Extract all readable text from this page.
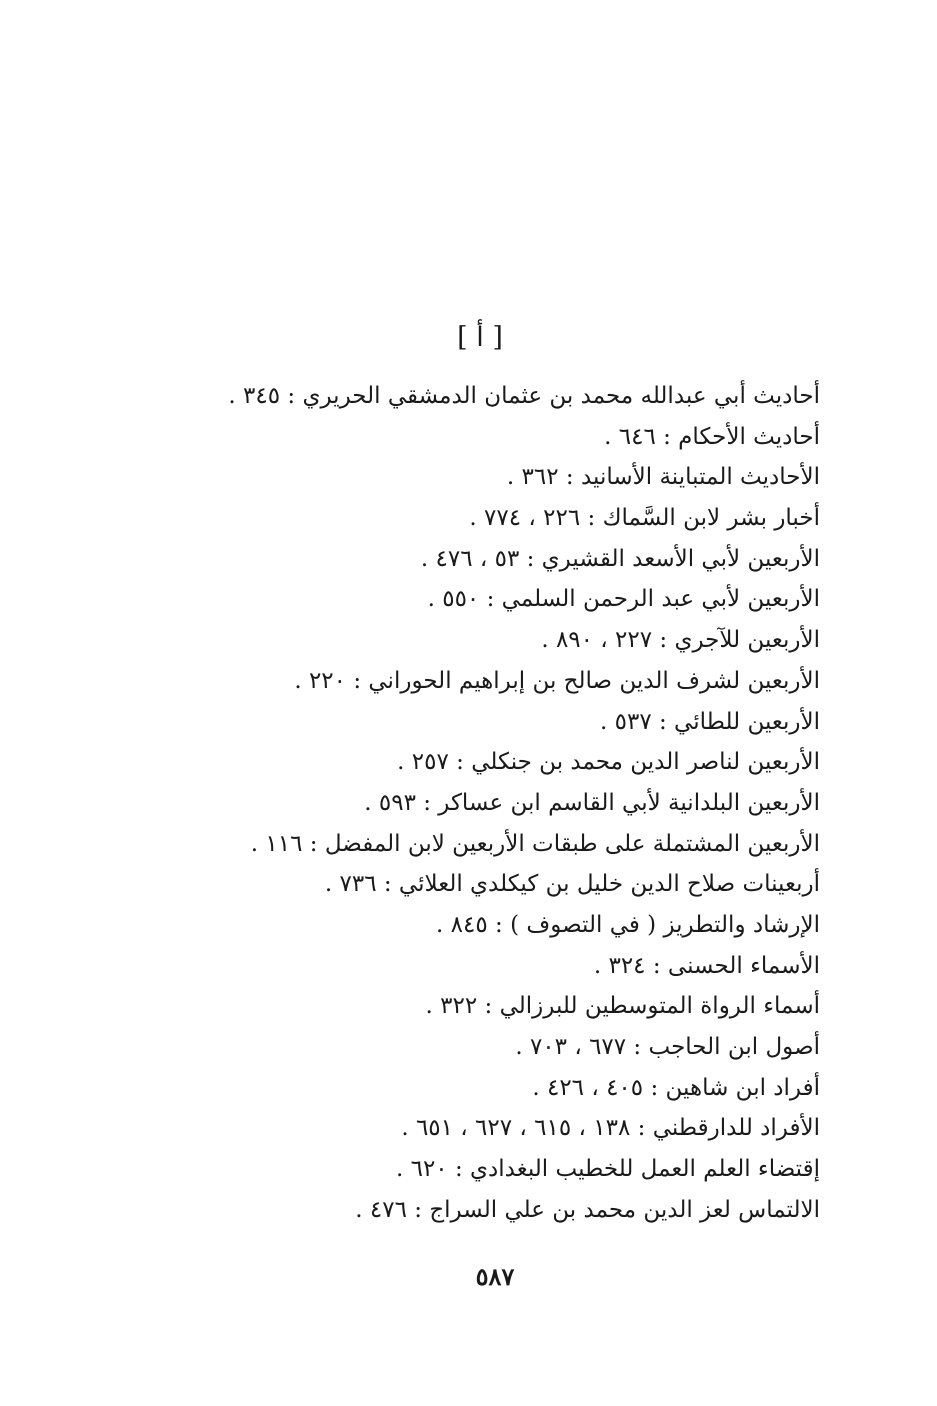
[ أ ]
أحاديث أبي عبدالله محمد بن عثمان الدمشقي الحريري : ٣٤٥ .
أحاديث الأحكام : ٦٤٦ .
الأحاديث المتباينة الأسانيد : ٣٦٢ .
أخبار بشر لابن السَّماك : ٢٢٦ ، ٧٧٤ .
الأربعين لأبي الأسعد القشيري : ٥٣ ، ٤٧٦ .
الأربعين لأبي عبد الرحمن السلمي : ٥٥٠ .
الأربعين للآجري : ٢٢٧ ، ٨٩٠ .
الأربعين لشرف الدين صالح بن إبراهيم الحوراني : ٢٢٠ .
الأربعين للطائي : ٥٣٧ .
الأربعين لناصر الدين محمد بن جنكلي : ٢٥٧ .
الأربعين البلدانية لأبي القاسم ابن عساكر : ٥٩٣ .
الأربعين المشتملة على طبقات الأربعين لابن المفضل : ١١٦ .
أربعينات صلاح الدين خليل بن كيكلدي العلائي : ٧٣٦ .
الإرشاد والتطريز ( في التصوف ) : ٨٤٥ .
الأسماء الحسنى : ٣٢٤ .
أسماء الرواة المتوسطين للبرزالي : ٣٢٢ .
أصول ابن الحاجب : ٦٧٧ ، ٧٠٣ .
أفراد ابن شاهين : ٤٠٥ ، ٤٢٦ .
الأفراد للدارقطني : ١٣٨ ، ٦١٥ ، ٦٢٧ ، ٦٥١ .
إقتضاء العلم العمل للخطيب البغدادي : ٦٢٠ .
الالتماس لعز الدين محمد بن علي السراج : ٤٧٦ .
٥٨٧
